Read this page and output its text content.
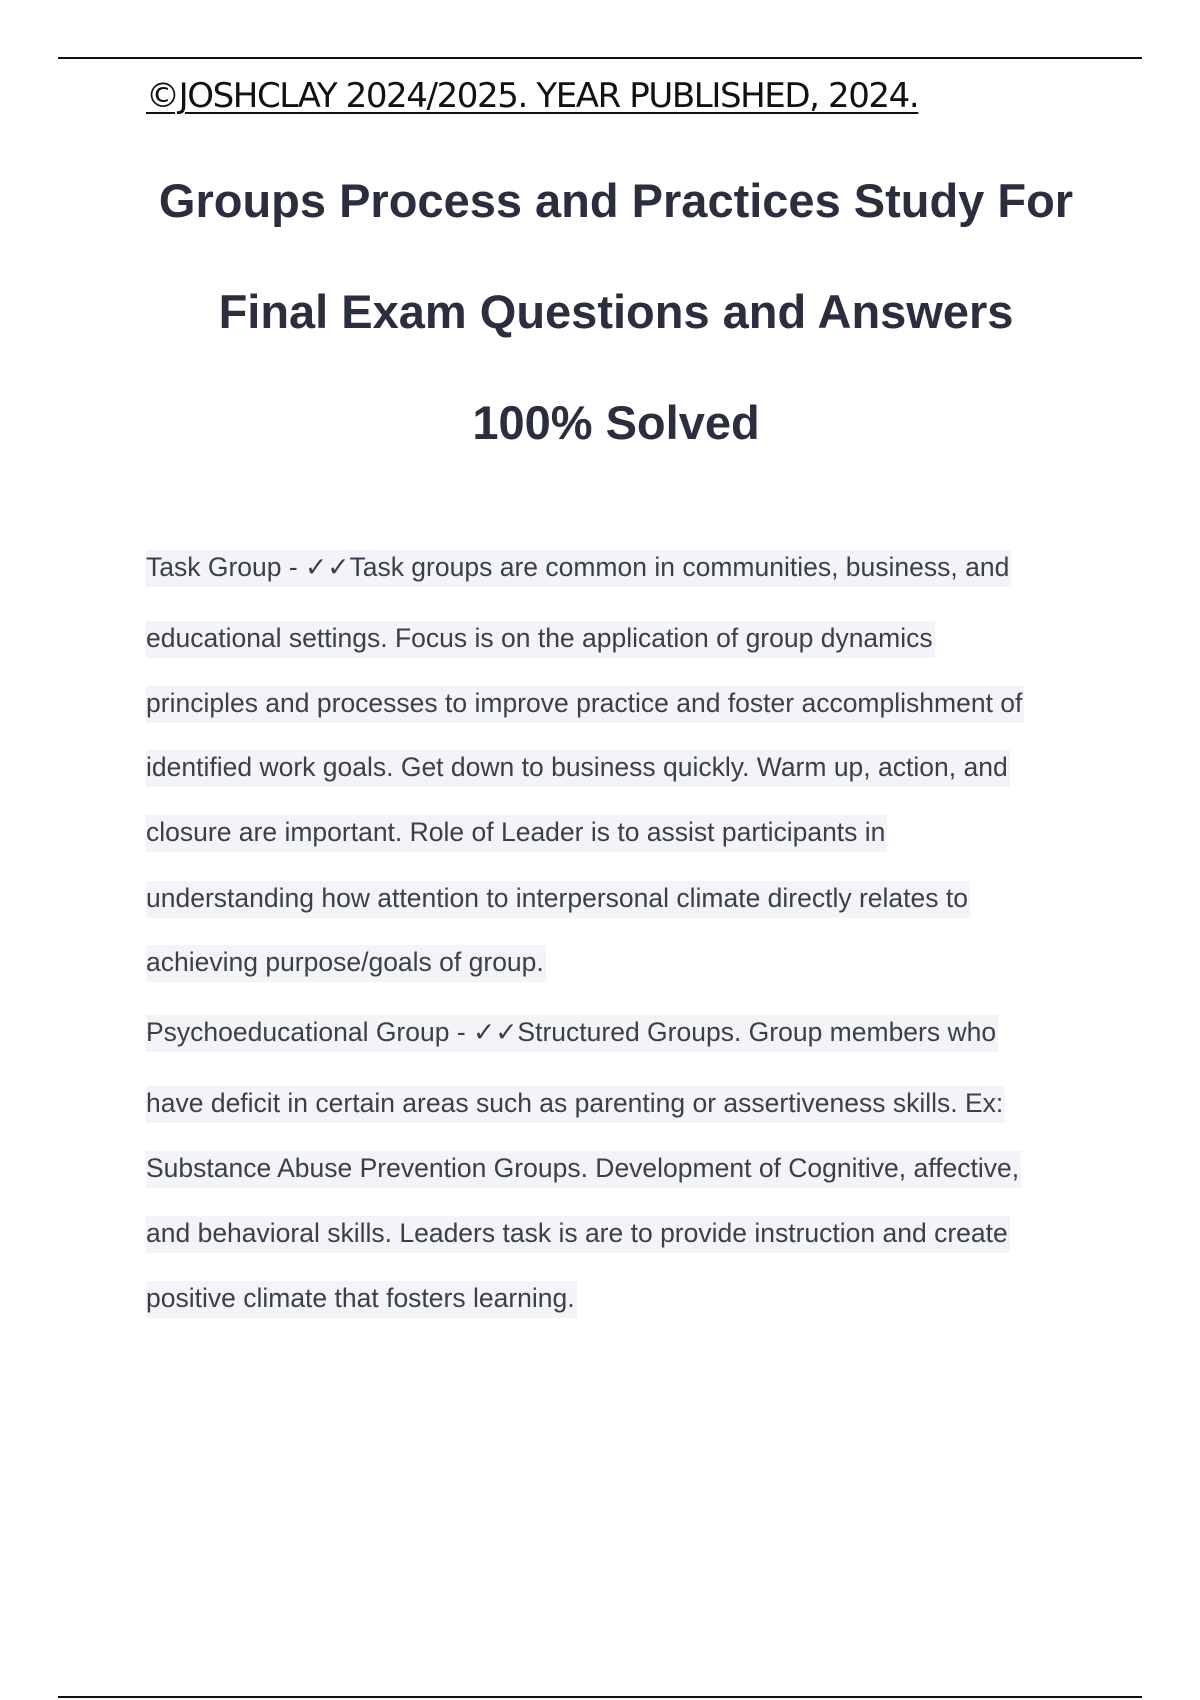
©JOSHCLAY 2024/2025. YEAR PUBLISHED, 2024.
Groups Process and Practices Study For
Final Exam Questions and Answers
100% Solved
Task Group - ✓✓Task groups are common in communities, business, and
educational settings. Focus is on the application of group dynamics
principles and processes to improve practice and foster accomplishment of
identified work goals. Get down to business quickly. Warm up, action, and
closure are important. Role of Leader is to assist participants in
understanding how attention to interpersonal climate directly relates to
achieving purpose/goals of group.
Psychoeducational Group - ✓✓Structured Groups. Group members who
have deficit in certain areas such as parenting or assertiveness skills. Ex:
Substance Abuse Prevention Groups. Development of Cognitive, affective,
and behavioral skills. Leaders task is are to provide instruction and create
positive climate that fosters learning.
